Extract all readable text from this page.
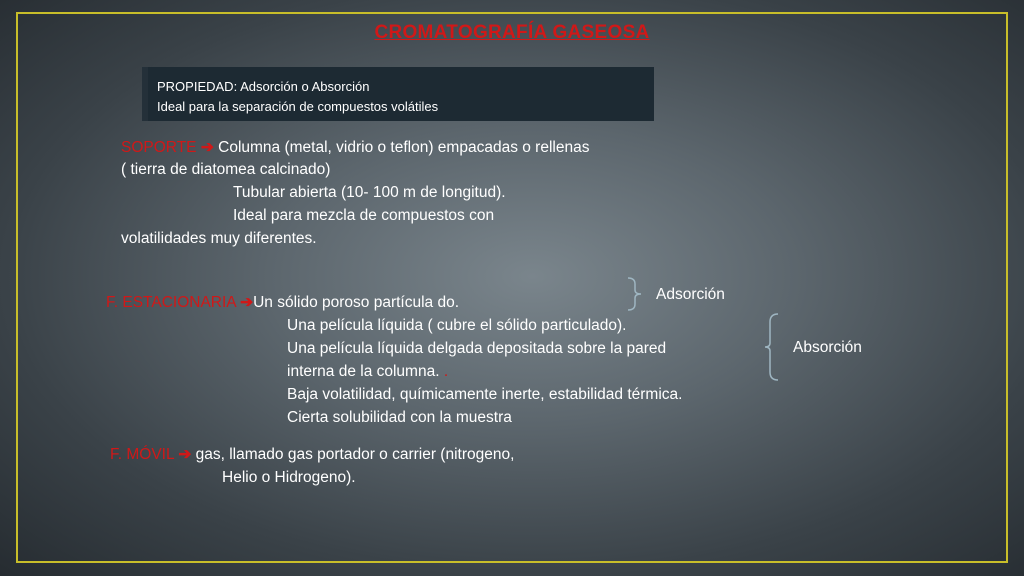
CROMATOGRAFÍA GASEOSA
PROPIEDAD: Adsorción o Absorción
Ideal para la separación de compuestos volátiles
SOPORTE ➔ Columna (metal, vidrio o teflon) empacadas o rellenas
( tierra de diatomea calcinado)
Tubular abierta (10- 100 m de longitud).
Ideal para mezcla de compuestos con
volatilidades muy diferentes.
F. ESTACIONARIA ➔Un sólido poroso partícula do.
Una película líquida ( cubre el sólido particulado).
Una película líquida delgada depositada sobre la pared
interna de la columna. .
Baja volatilidad, químicamente inerte, estabilidad térmica.
Cierta solubilidad con la muestra
Adsorción
Absorción
F. MÓVIL ➔ gas, llamado gas portador o carrier (nitrogeno,
Helio o Hidrogeno).
